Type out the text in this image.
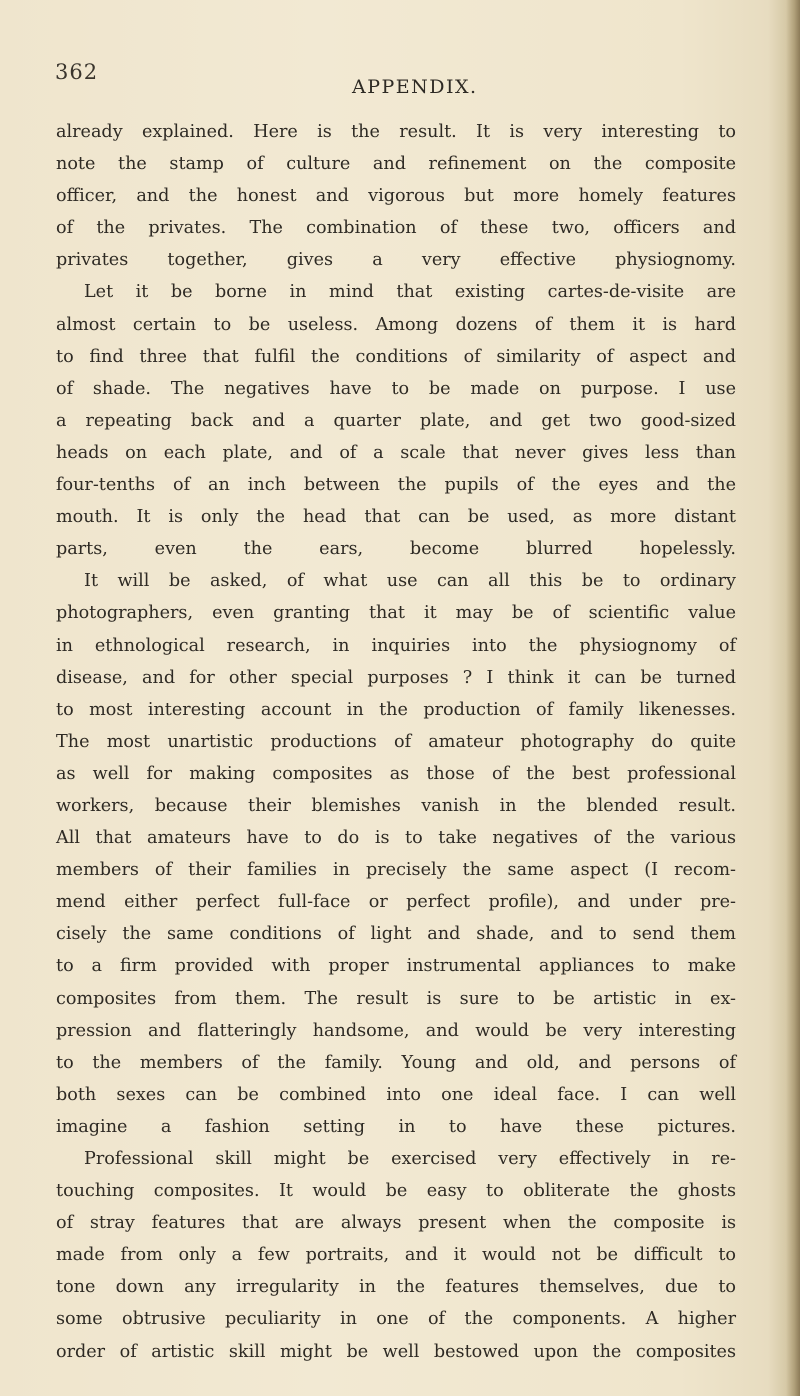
362
APPENDIX.
already explained. Here is the result. It is very interesting to
note the stamp of culture and refinement on the composite
officer, and the honest and vigorous but more homely features
of the privates. The combination of these two, officers and
privates together, gives a very effective physiognomy.
Let it be borne in mind that existing cartes-de-visite are
almost certain to be useless. Among dozens of them it is hard
to find three that fulfil the conditions of similarity of aspect and
of shade. The negatives have to be made on purpose. I use
a repeating back and a quarter plate, and get two good-sized
heads on each plate, and of a scale that never gives less than
four-tenths of an inch between the pupils of the eyes and the
mouth. It is only the head that can be used, as more distant
parts, even the ears, become blurred hopelessly.
It will be asked, of what use can all this be to ordinary
photographers, even granting that it may be of scientific value
in ethnological research, in inquiries into the physiognomy of
disease, and for other special purposes ? I think it can be turned
to most interesting account in the production of family likenesses.
The most unartistic productions of amateur photography do quite
as well for making composites as those of the best professional
workers, because their blemishes vanish in the blended result.
All that amateurs have to do is to take negatives of the various
members of their families in precisely the same aspect (I recom-
mend either perfect full-face or perfect profile), and under pre-
cisely the same conditions of light and shade, and to send them
to a firm provided with proper instrumental appliances to make
composites from them. The result is sure to be artistic in ex-
pression and flatteringly handsome, and would be very interesting
to the members of the family. Young and old, and persons of
both sexes can be combined into one ideal face. I can well
imagine a fashion setting in to have these pictures.
Professional skill might be exercised very effectively in re-
touching composites. It would be easy to obliterate the ghosts
of stray features that are always present when the composite is
made from only a few portraits, and it would not be difficult to
tone down any irregularity in the features themselves, due to
some obtrusive peculiarity in one of the components. A higher
order of artistic skill might be well bestowed upon the composites
